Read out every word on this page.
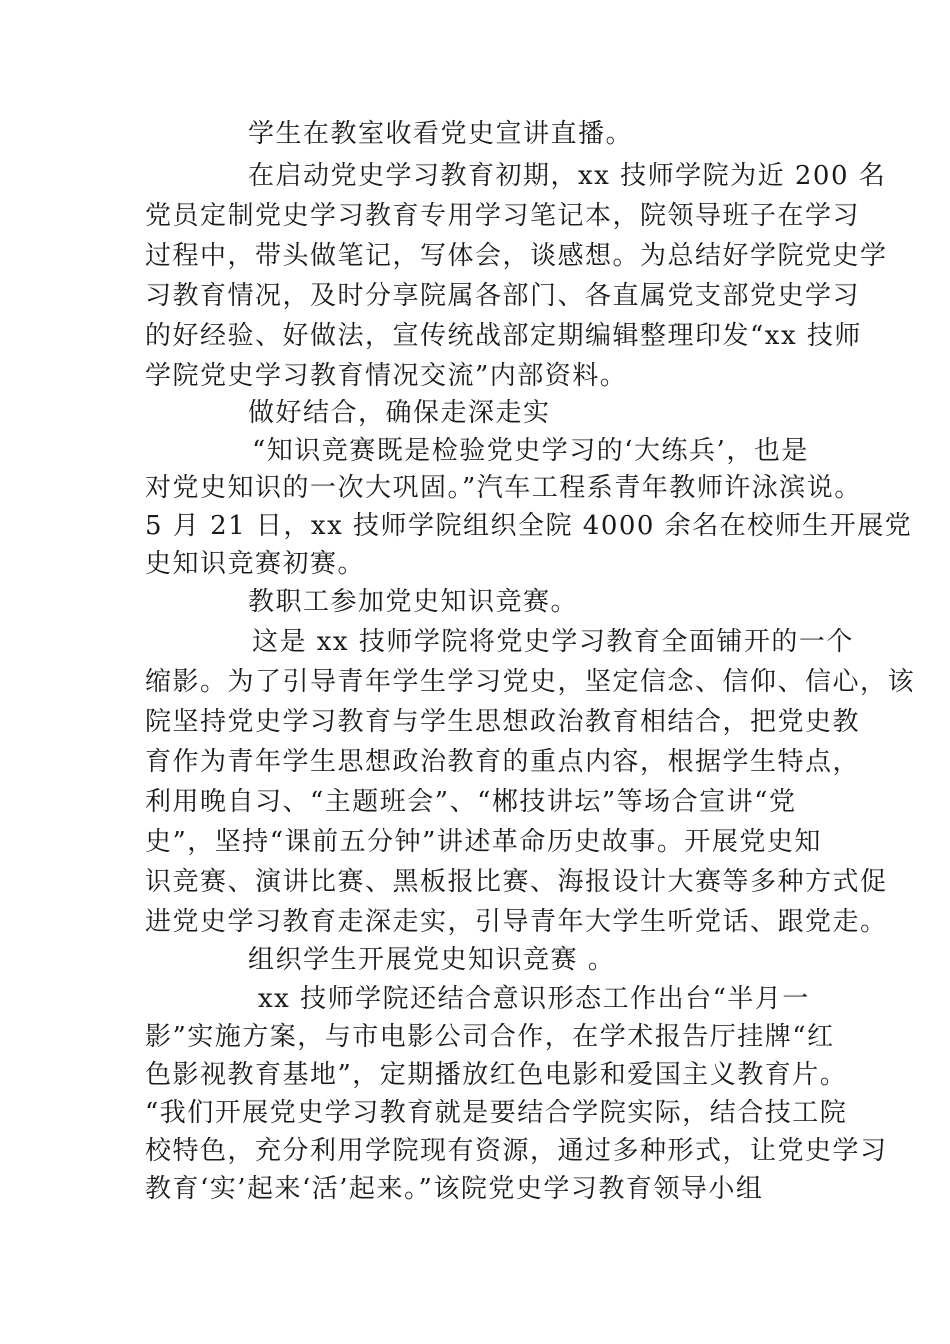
学生在教室收看党史宣讲直播。
在启动党史学习教育初期，xx 技师学院为近 200 名
党员定制党史学习教育专用学习笔记本，院领导班子在学习
过程中，带头做笔记，写体会，谈感想。为总结好学院党史学
习教育情况，及时分享院属各部门、各直属党支部党史学习
的好经验、好做法，宣传统战部定期编辑整理印发“xx 技师
学院党史学习教育情况交流”内部资料。
做好结合，确保走深走实
“知识竞赛既是检验党史学习的‘大练兵’，也是
对党史知识的一次大巩固。”汽车工程系青年教师许泳滨说。
5 月 21 日，xx 技师学院组织全院 4000 余名在校师生开展党
史知识竞赛初赛。
教职工参加党史知识竞赛。
这是 xx 技师学院将党史学习教育全面铺开的一个
缩影。为了引导青年学生学习党史，坚定信念、信仰、信心，该
院坚持党史学习教育与学生思想政治教育相结合，把党史教
育作为青年学生思想政治教育的重点内容，根据学生特点，
利用晚自习、“主题班会”、“郴技讲坛”等场合宣讲“党
史”，坚持“课前五分钟”讲述革命历史故事。开展党史知
识竞赛、演讲比赛、黑板报比赛、海报设计大赛等多种方式促
进党史学习教育走深走实，引导青年大学生听党话、跟党走。
组织学生开展党史知识竞赛 。
xx 技师学院还结合意识形态工作出台“半月一
影”实施方案，与市电影公司合作，在学术报告厅挂牌“红
色影视教育基地”，定期播放红色电影和爱国主义教育片。
“我们开展党史学习教育就是要结合学院实际，结合技工院
校特色，充分利用学院现有资源，通过多种形式，让党史学习
教育‘实’起来‘活’起来。”该院党史学习教育领导小组
